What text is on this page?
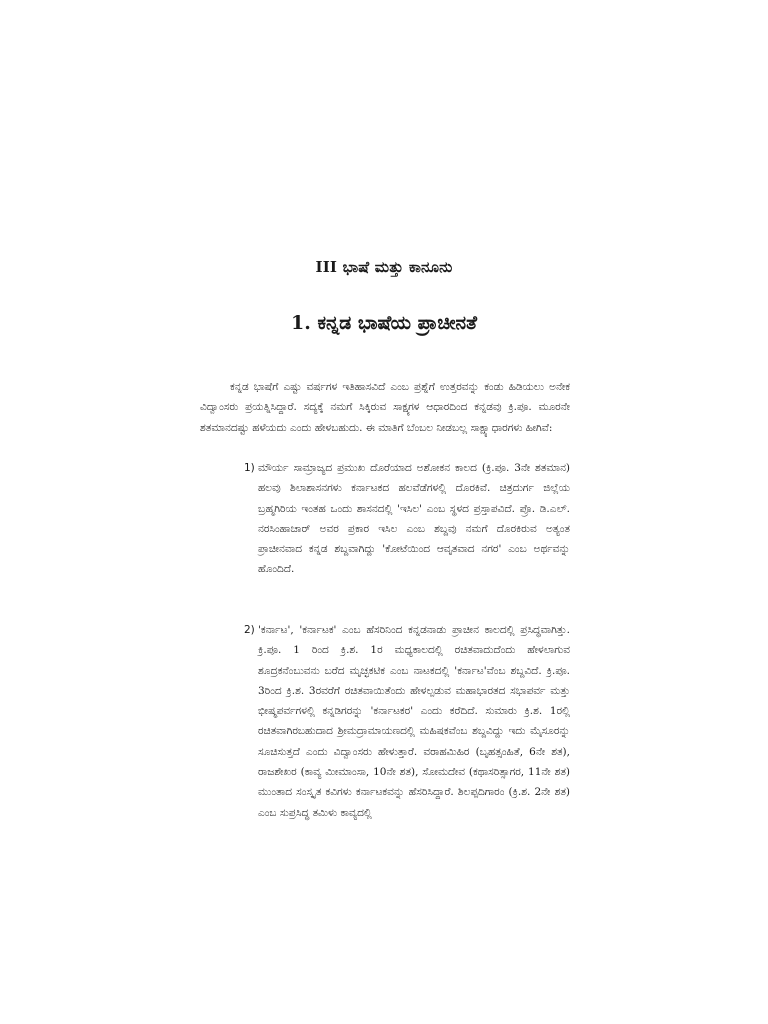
III ಭಾಷೆ ಮತ್ತು ಕಾನೂನು
1. ಕನ್ನಡ ಭಾಷೆಯ ಪ್ರಾಚೀನತೆ

ಕನ್ನಡ ಭಾಷೆಗೆ ಎಷ್ಟು ವರ್ಷಗಳ ಇತಿಹಾಸವಿದೆ ಎಂಬ ಪ್ರಶ್ನೆಗೆ ಉತ್ತರವನ್ನು ಕಂಡು ಹಿಡಿಯಲು ಅನೇಕ ವಿದ್ವಾಂಸರು ಪ್ರಯತ್ನಿಸಿದ್ದಾರೆ. ಸದ್ಯಕ್ಕೆ ನಮಗೆ ಸಿಕ್ಕಿರುವ ಸಾಕ್ಷ್ಯಗಳ ಆಧಾರದಿಂದ ಕನ್ನಡವು ಕ್ರಿ.ಪೂ. ಮೂರನೇ ಶತಮಾನದಷ್ಟು ಹಳೆಯದು ಎಂದು ಹೇಳಬಹುದು. ಈ ಮಾತಿಗೆ ಬೆಂಬಲ ನೀಡಬಲ್ಲ ಸಾಕ್ಷ್ಯಾಧಾರಗಳು ಹೀಗಿವೆ:

1) ಮೌರ್ಯ ಸಾಮ್ರಾಜ್ಯದ ಪ್ರಮುಖ ದೊರೆಯಾದ ಅಶೋಕನ ಕಾಲದ (ಕ್ರಿ.ಪೂ. 3ನೇ ಶತಮಾನ) ಹಲವು ಶಿಲಾಶಾಸನಗಳು ಕರ್ನಾಟಕದ ಹಲವೆಡೆಗಳಲ್ಲಿ ದೊರಕಿವೆ. ಚಿತ್ರದುರ್ಗ ಜಿಲ್ಲೆಯ ಬ್ರಹ್ಮಗಿರಿಯ ಇಂತಹ ಒಂದು ಶಾಸನದಲ್ಲಿ 'ಇಸಿಲ' ಎಂಬ ಸ್ಥಳದ ಪ್ರಸ್ತಾಪವಿದೆ. ಪ್ರೊ. ಡಿ.ಎಲ್. ನರಸಿಂಹಾಚಾರ್ ಅವರ ಪ್ರಕಾರ ಇಸಿಲ ಎಂಬ ಶಬ್ದವು ನಮಗೆ ದೊರಕಿರುವ ಅತ್ಯಂತ ಪ್ರಾಚೀನವಾದ ಕನ್ನಡ ಶಬ್ದವಾಗಿದ್ದು 'ಕೋಟೆಯಿಂದ ಆವೃತವಾದ ನಗರ' ಎಂಬ ಅರ್ಥವನ್ನು ಹೊಂದಿದೆ.
2) 'ಕರ್ನಾಟ', 'ಕರ್ನಾಟಕ' ಎಂಬ ಹೆಸರಿನಿಂದ ಕನ್ನಡನಾಡು ಪ್ರಾಚೀನ ಕಾಲದಲ್ಲಿ ಪ್ರಸಿದ್ಧವಾಗಿತ್ತು. ಕ್ರಿ.ಪೂ. 1 ರಿಂದ ಕ್ರಿ.ಶ. 1ರ ಮಧ್ಯಕಾಲದಲ್ಲಿ ರಚಿತವಾದುದೆಂದು ಹೇಳಲಾಗುವ ಶೂದ್ರಕನೆಂಬುವನು ಬರೆದ ಮೃಚ್ಛಕಟಿಕ ಎಂಬ ನಾಟಕದಲ್ಲಿ 'ಕರ್ನಾಟ'ವೆಂಬ ಶಬ್ದವಿದೆ. ಕ್ರಿ.ಪೂ. 3ರಿಂದ ಕ್ರಿ.ಶ. 3ರವರೆಗೆ ರಚಿತವಾಯಿತೆಂದು ಹೇಳಲ್ಪಡುವ ಮಹಾಭಾರತದ ಸಭಾಪರ್ವ ಮತ್ತು ಭೀಷ್ಮಪರ್ವಗಳಲ್ಲಿ ಕನ್ನಡಿಗರನ್ನು 'ಕರ್ನಾಟಕರ' ಎಂದು ಕರೆದಿದೆ. ಸುಮಾರು ಕ್ರಿ.ಶ. 1ರಲ್ಲಿ ರಚಿತವಾಗಿರಬಹುದಾದ ಶ್ರೀಮದ್ರಾಮಾಯಣದಲ್ಲಿ ಮಹಿಷಕವೆಂಬ ಶಬ್ದವಿದ್ದು ಇದು ಮೈಸೂರನ್ನು ಸೂಚಿಸುತ್ತದೆ ಎಂದು ವಿದ್ವಾಂಸರು ಹೇಳುತ್ತಾರೆ. ವರಾಹಮಿಹಿರ (ಬೃಹತ್ಸಂಹಿತೆ, 6ನೇ ಶತ), ರಾಜಶೇಖರ (ಕಾವ್ಯ ಮೀಮಾಂಸಾ, 10ನೇ ಶತ), ಸೋಮದೇವ (ಕಥಾಸರಿತ್ಸಾಗರ, 11ನೇ ಶತ) ಮುಂತಾದ ಸಂಸ್ಕೃತ ಕವಿಗಳು ಕರ್ನಾಟಕವನ್ನು ಹೆಸರಿಸಿದ್ದಾರೆ. ಶಿಲಪ್ಪದಿಗಾರಂ (ಕ್ರಿ.ಶ. 2ನೇ ಶತ) ಎಂಬ ಸುಪ್ರಸಿದ್ಧ ತಮಿಳು ಕಾವ್ಯದಲ್ಲಿ
